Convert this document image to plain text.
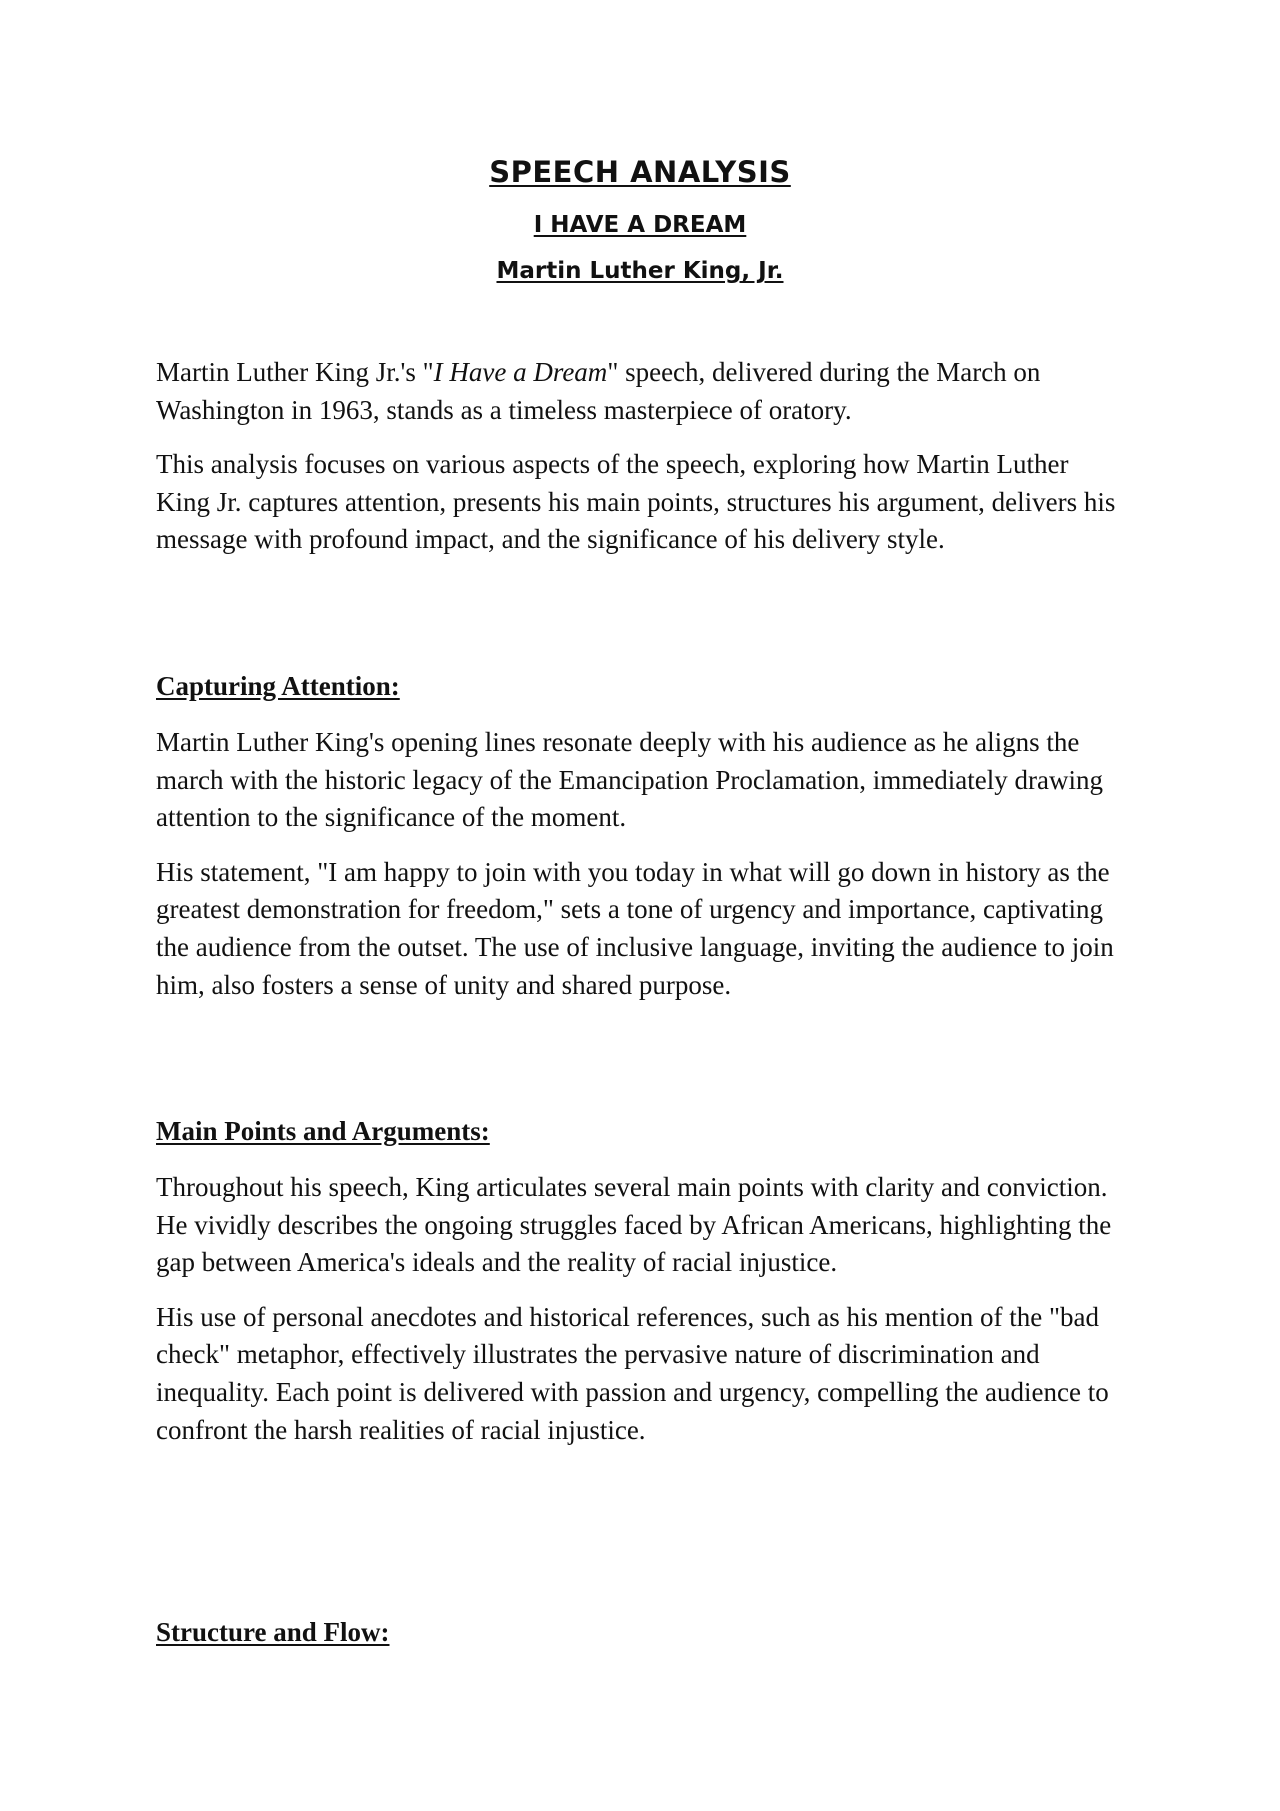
SPEECH ANALYSIS
I HAVE A DREAM
Martin Luther King, Jr.

Martin Luther King Jr.'s "I Have a Dream" speech, delivered during the March on Washington in 1963, stands as a timeless masterpiece of oratory.

This analysis focuses on various aspects of the speech, exploring how Martin Luther King Jr. captures attention, presents his main points, structures his argument, delivers his message with profound impact, and the significance of his delivery style.

Capturing Attention:

Martin Luther King's opening lines resonate deeply with his audience as he aligns the march with the historic legacy of the Emancipation Proclamation, immediately drawing attention to the significance of the moment.

His statement, "I am happy to join with you today in what will go down in history as the greatest demonstration for freedom," sets a tone of urgency and importance, captivating the audience from the outset. The use of inclusive language, inviting the audience to join him, also fosters a sense of unity and shared purpose.

Main Points and Arguments:

Throughout his speech, King articulates several main points with clarity and conviction. He vividly describes the ongoing struggles faced by African Americans, highlighting the gap between America's ideals and the reality of racial injustice.

His use of personal anecdotes and historical references, such as his mention of the "bad check" metaphor, effectively illustrates the pervasive nature of discrimination and inequality. Each point is delivered with passion and urgency, compelling the audience to confront the harsh realities of racial injustice.

Structure and Flow:
